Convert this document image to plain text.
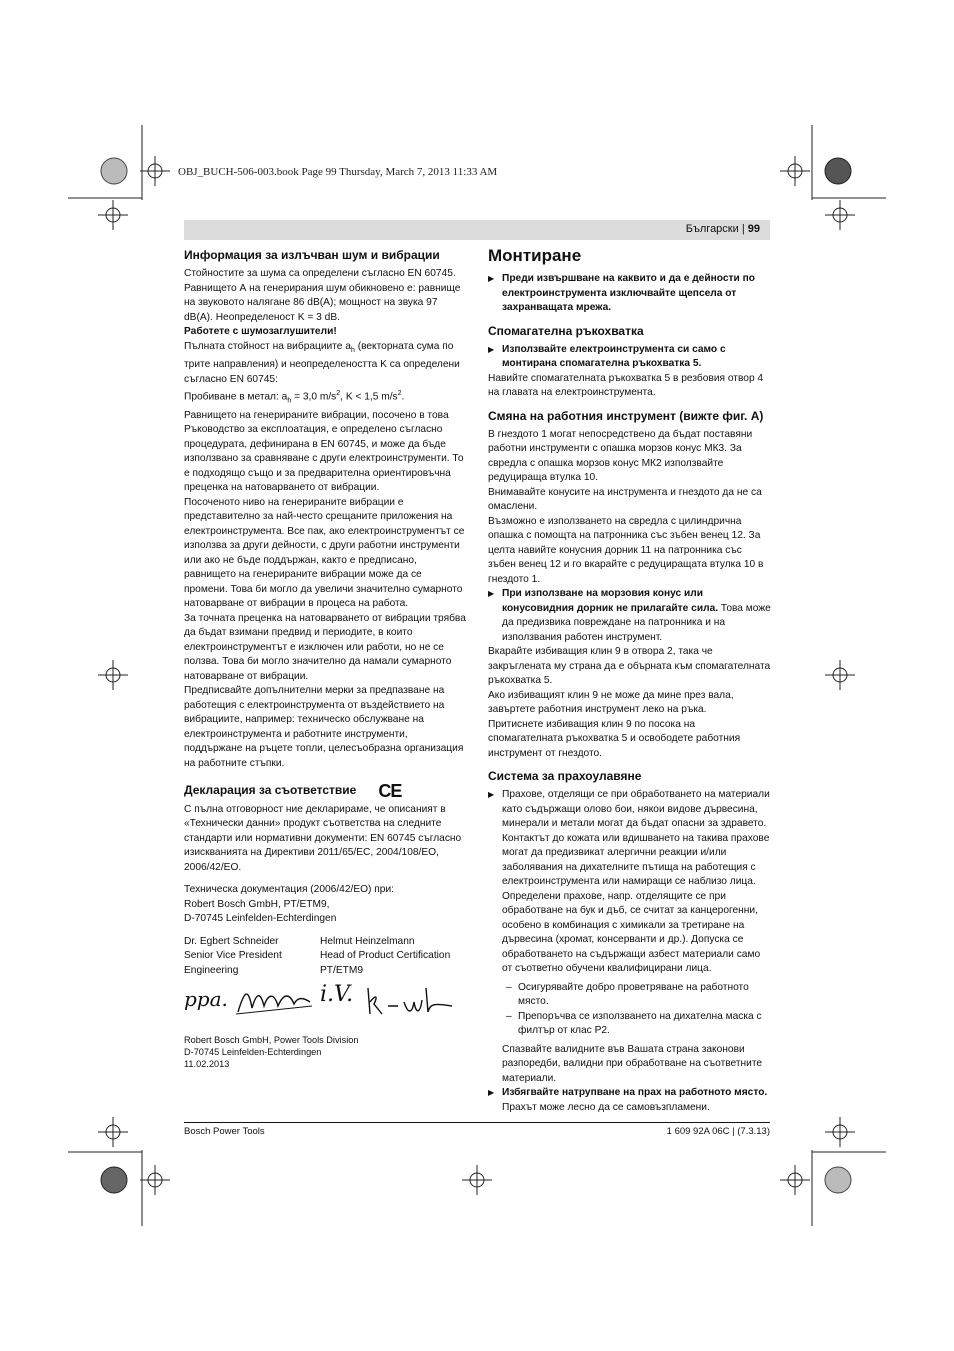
OBJ_BUCH-506-003.book Page 99 Thursday, March 7, 2013 11:33 AM
Български | 99
Информация за излъчван шум и вибрации

Стойностите за шума са определени съгласно EN 60745.

Равнището А на генерирания шум обикновено е: равнище на звуковото налягане 86 dB(A); мощност на звука 97 dB(A). Неопределеност K = 3 dB.

Работете с шумозаглушители!

Пълната стойност на вибрациите $a_h$ (векторната сума по трите направления) и неопределеността K са определени съгласно EN 60745:

Пробиване в метал: $a_h = 3,0$ $m/s^2$, K < 1,5 $m/s^2$.

Равнището на генерираните вибрации, посочено в това Ръководство за експлоатация, е определено съгласно процедурата, дефинирана в EN 60745, и може да бъде използвано за сравняване с други електроинструменти. То е подходящо също и за предварителна ориентировъчна преценка на натоварването от вибрации.

Посоченото ниво на генерираните вибрации е представително за най-често срещаните приложения на електроинструмента. Все пак, ако електроинструментът се използва за други дейности, с други работни инструменти или ако не бъде поддържан, както е предписано, равнището на генерираните вибрации може да се промени. Това би могло да увеличи значително сумарното натоварване от вибрации в процеса на работа.

За точната преценка на натоварването от вибрации трябва да бъдат взимани предвид и периодите, в които електроинструментът е изключен или работи, но не се ползва. Това би могло значително да намали сумарното натоварване от вибрации.

Предписвайте допълнителни мерки за предпазване на работещия с електроинструмента от въздействието на вибрациите, например: техническо обслужване на електроинструмента и работните инструменти, поддържане на ръцете топли, целесъобразна организация на работните стъпки.

Декларация за съответствие CE

С пълна отговорност ние декларираме, че описаният в «Технически данни» продукт съответства на следните стандарти или нормативни документи: EN 60745 съгласно изискванията на Директиви 2011/65/EC, 2004/108/EO, 2006/42/EO.

Техническа документация (2006/42/EO) при:

Robert Bosch GmbH, PT/ETM9,

D-70745 Leinfelden-Echterdingen

Dr. Egbert Schneider

Senior Vice President

Engineering

Helmut Heinzelmann

Head of Product Certification

PT/ETM9

ppa.	i.V.

Robert Bosch GmbH, Power Tools Division

D-70745 Leinfelden-Echterdingen

11.02.2013

Монтиране

▶ Преди извършване на каквито и да е дейности по електроинструмента изключвайте щепсела от захранващата мрежа.

Спомагателна ръкохватка

▶ Използвайте електроинструмента си само с монтирана спомагателна ръкохватка 5.

Навийте спомагателната ръкохватка 5 в резбовия отвор 4 на главата на електроинструмента.

Смяна на работния инструмент (вижте фиг. А)

В гнездото 1 могат непосредствено да бъдат поставяни работни инструменти с опашка морзов конус МК3. За свредла с опашка морзов конус МК2 използвайте редуцираща втулка 10.

Внимавайте конусите на инструмента и гнездото да не са омаслени.

Възможно е използването на свредла с цилиндрична опашка с помощта на патронника със зъбен венец 12. За целта навийте конусния дорник 11 на патронника със зъбен венец 12 и го вкарайте с редуциращата втулка 10 в гнездото 1.

▶ При използване на морзовия конус или конусовидния дорник не прилагайте сила. Това може да предизвика повреждане на патронника и на използвания работен инструмент.

Вкарайте избиващия клин 9 в отвора 2, така че закръглената му страна да е обърната към спомагателната ръкохватка 5.

Ако избиващият клин 9 не може да мине през вала, завъртете работния инструмент леко на ръка.

Притиснете избиващия клин 9 по посока на спомагателната ръкохватка 5 и освободете работния инструмент от гнездото.

Система за прахоулавяне

▶ Прахове, отделящи се при обработването на материали като съдържащи олово бои, някои видове дървесина, минерали и метали могат да бъдат опасни за здравето. Контактът до кожата или вдишването на такива прахове могат да предизвикат алергични реакции и/или заболявания на дихателните пътища на работещия с електроинструмента или намиращи се наблизо лица.

Определени прахове, напр. отделящите се при обработване на бук и дъб, се считат за канцерогенни, особено в комбинация с химикали за третиране на дървесина (хромат, консерванти и др.). Допуска се обработването на съдържащи азбест материали само от съответно обучени квалифицирани лица.

– Осигурявайте добро проветряване на работното място.

– Препоръчва се използването на дихателна маска с филтър от клас P2.

Спазвайте валидните във Вашата страна законови разпоредби, валидни при обработване на съответните материали.

▶ Избягвайте натрупване на прах на работното място.
Прахът може лесно да се самовъзпламени.

Bosch Power Tools	1 609 92A 06C | (7.3.13)
